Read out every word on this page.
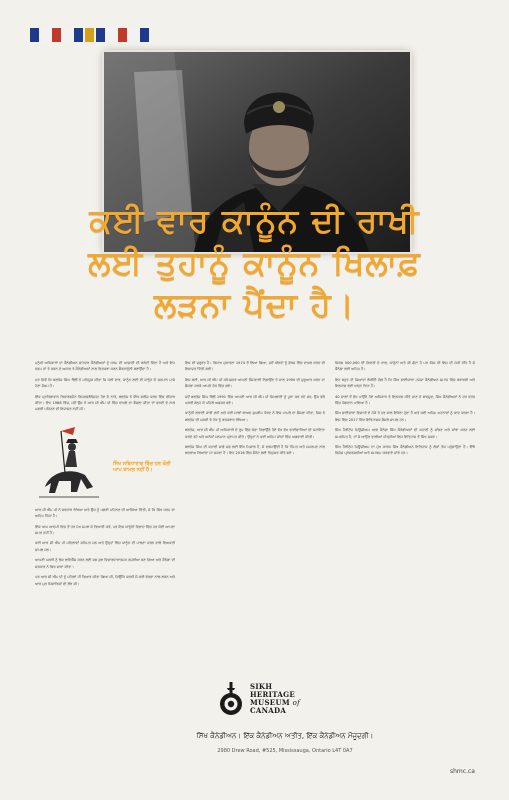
ਕਈ ਵਾਰ ਕਾਨੂੰਨ ਦੀ ਰਾਖੀ
ਲਈ ਤੁਹਾਨੂੰ ਕਾਨੂੰਨ ਖਿਲਾਫ਼
ਲੜਨਾ ਪੈਂਦਾ ਹੈ।

ਮਨੁੱਖੀ ਅਧਿਕਾਰਾਂ ਦਾ ਕੈਨੇਡੀਅਨ ਚਾਰਟਰ ਕੈਨੇਡੀਅਨਾਂ ਨੂੰ ਧਰਮ ਦੀ ਆਜ਼ਾਦੀ ਦੀ ਗਰੰਟੀ ਦਿੰਦਾ ਹੈ ਅਤੇ ਇਹ ਧਰਮ ਨਾਂ ਤੇ ਕਰਨ ਦੇ ਅਧਾਰ ਤੇ ਕੈਨੇਡੀਅਨਾਂ ਨਾਲ ਵਿਤਕਰਾ ਕਰਨ ਗੈਰਕਾਨੂੰਨੀ ਬਣਾਉਂਦਾ ਹੈ।

ਪਰ ਜਿਵੇਂ ਕਿ ਬਲਤੇਜ ਸਿੰਘ ਢਿੱਲੋਂ ਨੇ ਮਹਿਸੂਸ ਕੀਤਾ ਕਿ ਕਈ ਵਾਰ, ਕਾਨੂੰਨ ਲਈ ਵੀ ਕਾਨੂੰਨ ਦੇ ਸਨਮਾਨ ਪਾਸੇ ਹੋਣਾ ਜੋਖ਼ਮ ਹੈ।

ਇੱਕ ਪ੍ਰਤਿਭਾਵਾਨ ਰਿਕਾਰਡਮੈਨ ਰਿਸਰਚਲੋਜਿਸਟ ਹੋਣ ਦੇ ਨਾਤੇ, ਬਲਤੇਜ ਨੇ ਇੱਕ ਫਰੀਜ਼ ਕਰਨ ਵਿੱਚ ਵੀਚਾਰ ਕੀਤਾ। ਇਹ 1988 ਵਿੱਚ, ਜਦੋਂ ਉਸ ਨੇ ਆਰ ਸੀ ਐੱਮ ਪੀ ਵਿੱਚ ਦਾਖ਼ਲੇ ਦਾ ਫੈਸਲਾ ਕੀਤਾ ਤਾਂ ਵਰਦੀ ਦੇ ਨਾਲ ਪਗੜੀ ਪਹਿਨਣ ਦੀ ਇਜਾਜ਼ਤ ਨਹੀਂ ਸੀ।

ਸਿੱਖ ਸਵਿਧਾਰਾਵ ਵਿੱਚ ਹਰ ਕੋਈ ਆਪ ਸ਼ਾਮਲ ਨਹੀਂ ਹੈ।

ਆਰ ਸੀ ਐੱਮ ਪੀ ਨੇ ਸਰਕਾਰ ਰੱਖਿਆ ਅਤੇ ਉਸ ਨੂੰ ਪਗੜੀ ਪਹਿਨਣ ਦੀ ਆਗਿਆ ਦਿੱਤੀ, ਜੋ ਕਿ ਸਿੱਖ ਧਰਮ ਦਾ ਅਹਿਮ ਹਿੱਸਾ ਹੈ।

ਇੱਕ ਆਮ ਆਦਮੀ ਵਿਚ ਤੋਂ ਹਰ ਪੱਖ ਸਮਝ ਕੇ ਤਿਆਰੀ ਕਰੋ, ਪਰ ਇਸ ਕਾਨੂੰਨੀ ਵਿਵਾਦ ਵਿੱਚ ਹਰ ਕੋਈ ਆਪਣਾ ਸਮਰ ਨਹੀਂ ਹੈ।

ਕਈ ਆਰ ਸੀ ਐੱਮ ਪੀ ਮਹਿਲਾਵਾਂ ਸਹਿਮਤ ਸਨ ਅਤੇ ਉਨ੍ਹਾਂ ਵਿੱਚ ਕਾਨੂੰਨ ਦੀ ਪਾਲਣਾ ਕਰਨ ਵਾਲੇ ਵਿਅਕਤੀ ਸ਼ਾਮਲ ਸਨ।

ਆਪਣੀ ਪਗੜੀ ਨੂੰ ਲੱਕ ਲਾਇਸੈਂਸ ਕਰਨ ਲਈ ਸਭ ਕੁਝ ਵਿਚਾਰਧਾਰਾਤਮਕ ਨਜ਼ਰੀਆ ਬਣ ਗਿਆ ਅਤੇ ਕੈਨੇਡਾ ਦੀ ਸਰਕਾਰ ਨੇ ਫਿਰ ਸਾਰਾ ਕੀਤਾ।

ਪਰ ਆਰ ਸੀ ਐੱਮ ਪੀ ਨੂੰ ਪਹਿਲਾਂ ਹੀ ਤਿਆਰ ਕੀਤਾ ਗਿਆ ਸੀ, ਕਿਉਂਕਿ ਕਰਨੀ ਜੋ ਕਈ ਵੇਰਵਾ ਨਾਲ ਲੜਨ ਅਤੇ ਆਰ ਮੁੜ ਸਿਫਾਰਿਸ਼ਾਂ ਦੀ ਲੋੜ ਸੀ।

ਇਸ ਦੀ ਜ਼ਰੂਰਤ ਹੈ। ਵਿਸਾਖ ਸੁਧਾਰਨਾ 1974 ਤੋਂ ਲਿਆ ਗਿਆ, ਜਦੋਂ ਔਰਤਾਂ ਨੂੰ ਫ਼ੋਰਸ ਵਿੱਚ ਦਾਖ਼ਲ ਕਰਨ ਦੀ ਇਜਾਜ਼ਤ ਦਿੱਤੀ ਗਈ।

ਇਸ ਲਈ, ਆਰ ਸੀ ਐੱਮ ਪੀ ਕਮਿਸ਼ਨਰ ਆਪਣੀ ਜਿੰਮੇਵਾਰੀ ਨਿਭਾਉਣ ਤੇ ਸਾਲ 1990 ਦੀ ਸ਼ੁਰੂਆਤ ਕਰਨ ਦਾ ਫ਼ੈਸਲਾ ਕਰਕੇ ਆਪਣੇ ਹੱਕ ਵਿੱਚ ਗਏ।

ਜਦੋਂ ਬਲਤੇਜ ਸਿੰਘ ਢਿੱਲੋਂ 1991 ਵਿੱਚ ਆਪਣੀ ਆਰ ਸੀ ਐੱਮ ਪੀ ਸਿਖਲਾਈ ਨੂੰ ਪੂਰਾ ਕਰ ਰਹੇ ਸਨ, ਉਸ ਵੇਲੇ ਪਗੜੀ ਬੰਨ੍ਹ ਕੇ ਪਹਿਲੇ ਅਫ਼ਸਰ ਬਣੇ।

ਕਾਨੂੰਨੀ ਲੜਾਈ ਜਾਰੀ ਰਹੀ ਅਤੇ ਕਈ ਸਾਲਾਂ ਬਾਅਦ ਸੁਪਰੀਮ ਕੋਰਟ ਨੇ ਇਸ ਮਾਮਲੇ ਦਾ ਫ਼ੈਸਲਾ ਕੀਤਾ, ਜਿਸ ਨੇ ਬਲਤੇਜ ਦੀ ਪਗੜੀ ਦੇ ਹੱਕ ਨੂੰ ਬਰਕਰਾਰ ਰੱਖਿਆ।

ਬਲਤੇਜ, ਆਰ ਸੀ ਐੱਮ ਪੀ ਅਧਿਕਾਰੀ ਦੇ ਰੂਪ ਵਿੱਚ ਸੇਵਾ ਨਿਭਾਉਂਦੇ ਹੋਏ ਵੱਖ ਵੱਖ ਭਾਈਚਾਰਿਆਂ ਦੀ ਸਹਾਇਤਾ ਕਰਦੇ ਰਹੇ ਅਤੇ ਅਨੇਕਾਂ ਸਨਮਾਨ ਪ੍ਰਾਪਤ ਕੀਤੇ। ਉਨ੍ਹਾਂ ਨੇ ਕਈ ਅਹਿਮ ਜਾਂਚਾਂ ਵਿੱਚ ਅਗਵਾਈ ਕੀਤੀ।

ਬਲਤੇਜ ਸਿੰਘ ਦੀ ਕਹਾਣੀ ਸਾਡੇ ਸਭ ਲਈ ਇੱਕ ਮਿਸਾਲ ਹੈ, ਜੋ ਦਰਸਾਉਂਦੀ ਹੈ ਕਿ ਹਿੰਮਤ ਅਤੇ ਸਮਰਪਣ ਨਾਲ ਬਦਲਾਅ ਲਿਆਂਦਾ ਜਾ ਸਕਦਾ ਹੈ। ਇਹ 2016 ਵਿੱਚ ਸੈਨੇਟ ਲਈ ਨਿਯੁਕਤ ਕੀਤੇ ਗਏ।

ਸਿਰਫ਼ 500,000 ਦੀ ਗਿਣਤੀ ਦੇ ਨਾਲ, ਕਾਨੂੰਨਾਂ ਅਤੇ ਕੀ ਛੋਟਾ ਹੈ ਪਰ ਕਿਸ ਦੀ ਇਸ ਦੀ ਪੱਕੀ ਨੀਂਹ ਹੈ ਜੋ ਕੈਨੇਡਾ ਲਈ ਅਹਿਮ ਹੈ।

ਇਹ ਬਹੁਤ ਹੀ ਜ਼ਿਆਦਾ ਲੋੜੀਂਦੀ ਗੱਲ ਹੈ ਕਿ ਸਿੱਖ ਭਾਈਚਾਰਾ ਹਮੇਸ਼ਾ ਕੈਨੇਡੀਅਨ ਸਮਾਜ ਵਿੱਚ ਬਰਾਬਰੀ ਅਤੇ ਇਨਸਾਫ਼ ਲਈ ਖੜ੍ਹਾ ਰਿਹਾ ਹੈ।

40 ਸਾਲਾਂ ਤੋਂ ਵੱਧ ਪਾਉਂਦੇ ਹੋਏ ਅਧਿਕਾਰ ਤੇ ਇਨਸਾਫ਼ ਕੀਤੇ ਜਾਣ ਦੇ ਬਾਵਜੂਦ, ਸਿੱਖ ਕੈਨੇਡੀਅਨਾਂ ਨੇ ਹਰ ਖੇਤਰ ਵਿੱਚ ਯੋਗਦਾਨ ਪਾਇਆ ਹੈ।

ਸਿੱਖ ਭਾਈਚਾਰਾ ਵਿਸਾਖੀ ਦੇ ਮੌਕੇ ਤੇ ਹਰ ਸਾਲ ਇਕੱਠਾ ਹੁੰਦਾ ਹੈ ਅਤੇ ਕਈ ਅਹਿਮ ਘਟਨਾਵਾਂ ਨੂੰ ਯਾਦ ਕਰਦਾ ਹੈ। ਇਸ ਵਿੱਚ 2017 ਵਿੱਚ ਇਤਿਹਾਸਕ ਫ਼ੈਸਲੇ ਸ਼ਾਮਲ ਹਨ।

ਸਿੱਖ ਹੈਰੀਟੇਜ ਮਿਊਜ਼ੀਅਮ ਆਫ਼ ਕੈਨੇਡਾ ਸਿੱਖ ਕੈਨੇਡੀਅਨਾਂ ਦੀ ਕਹਾਣੀ ਨੂੰ ਸਾਂਭਣ ਅਤੇ ਸਾਂਝਾ ਕਰਨ ਲਈ ਸਮਰਪਿਤ ਹੈ, ਤਾਂ ਜੋ ਆਉਣ ਵਾਲੀਆਂ ਪੀੜ੍ਹੀਆਂ ਇਸ ਇਤਿਹਾਸ ਤੋਂ ਸਿੱਖ ਸਕਣ।

ਸਿੱਖ ਹੈਰੀਟੇਜ ਮਿਊਜ਼ੀਅਮ ਦਾ ਮੁੱਖ ਕਾਰਜ ਸਿੱਖ ਕੈਨੇਡੀਅਨ ਇਤਿਹਾਸ ਨੂੰ ਲੋਕਾਂ ਤੱਕ ਪਹੁੰਚਾਉਣਾ ਹੈ। ਇੱਥੇ ਵਿਸ਼ੇਸ਼ ਪ੍ਰਦਰਸ਼ਨੀਆਂ ਅਤੇ ਸਮਾਗਮ ਕਰਵਾਏ ਜਾਂਦੇ ਹਨ।

SIKH
HERITAGE
MUSEUM of
CANADA
ਸਿੱਖ ਕੈਨੇਡੀਅਨ। ਇੱਕ ਕੈਨੇਡੀਅਨ ਅਤੀਤ, ਇੱਕ ਕੈਨੇਡੀਅਨ ਮੌਜੂਦਗੀ।
2980 Drew Road, #525, Mississauga, Ontario L4T 0A7
shmc.ca
